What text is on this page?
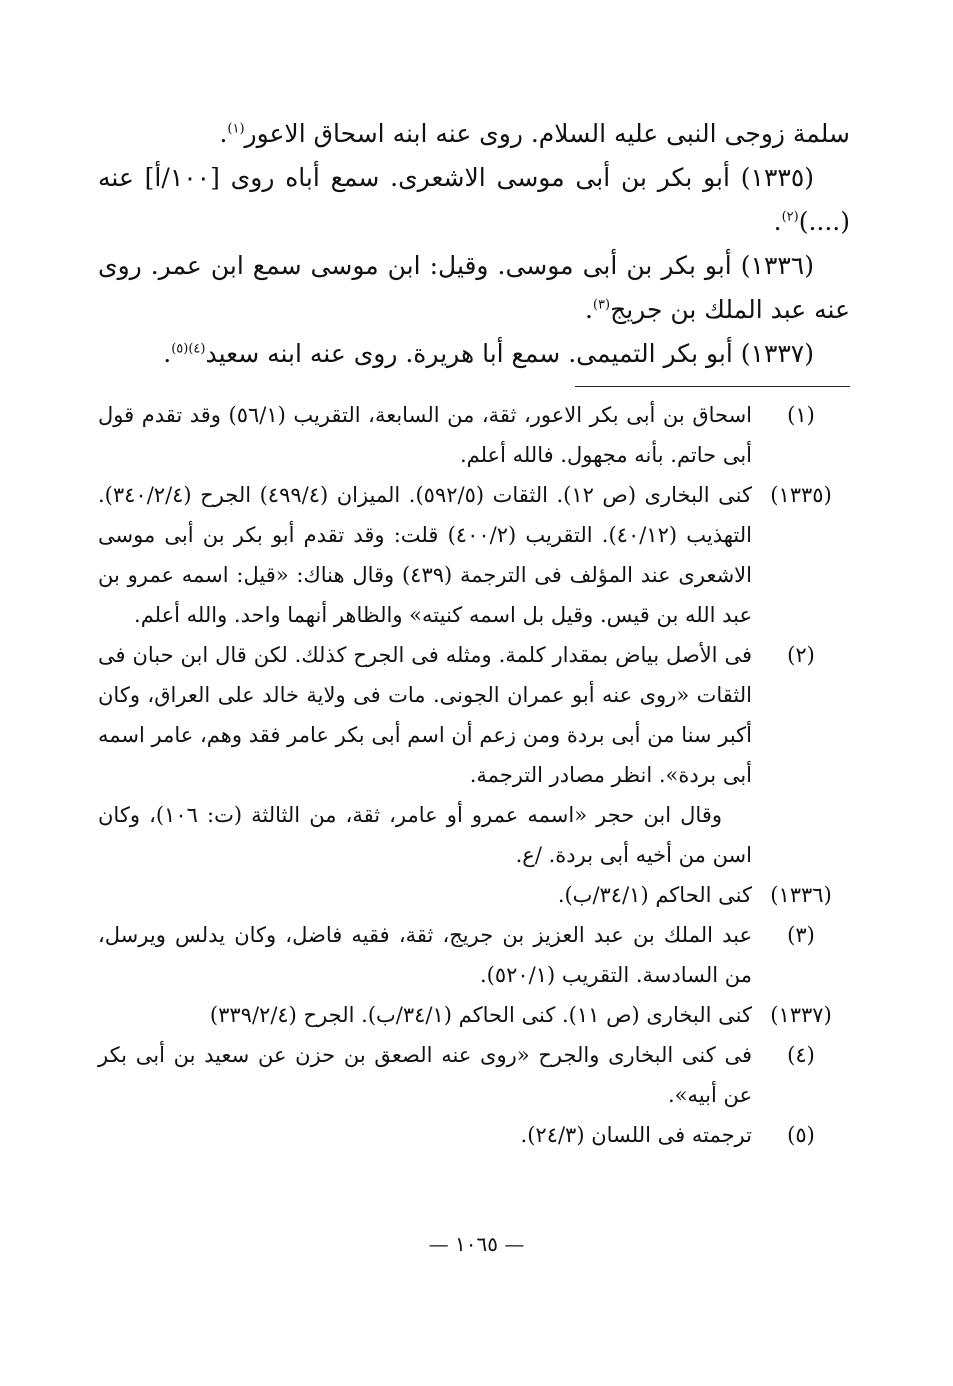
سلمة زوجى النبى عليه السلام. روى عنه ابنه اسحاق الاعور$^{(١)}$.

(١٣٣٥) أبو بكر بن أبى موسى الاشعرى. سمع أباه روى [١٠٠/أ] عنه (....)$^{(٢)}$.

(١٣٣٦) أبو بكر بن أبى موسى. وقيل: ابن موسى سمع ابن عمر. روى عنه عبد الملك بن جريج$^{(٣)}$.

(١٣٣٧) أبو بكر التميمى. سمع أبا هريرة. روى عنه ابنه سعيد$^{(٤)(٥)}$.

(١)
اسحاق بن أبى بكر الاعور، ثقة، من السابعة، التقريب (٥٦/١) وقد تقدم قول أبى حاتم. بأنه مجهول. فالله أعلم.
(١٣٣٥)
كنى البخارى (ص ١٢). الثقات (٥٩٢/٥). الميزان (٤٩٩/٤) الجرح (٣٤٠/٢/٤). التهذيب (٤٠/١٢). التقريب (٤٠٠/٢) قلت: وقد تقدم أبو بكر بن أبى موسى الاشعرى عند المؤلف فى الترجمة (٤٣٩) وقال هناك: «قيل: اسمه عمرو بن عبد الله بن قيس. وقيل بل اسمه كنيته» والظاهر أنهما واحد. والله أعلم.
(٢)
فى الأصل بياض بمقدار كلمة. ومثله فى الجرح كذلك. لكن قال ابن حبان فى الثقات «روى عنه أبو عمران الجونى. مات فى ولاية خالد على العراق، وكان أكبر سنا من أبى بردة ومن زعم أن اسم أبى بكر عامر فقد وهم، عامر اسمه أبى بردة». انظر مصادر الترجمة.
وقال ابن حجر «اسمه عمرو أو عامر، ثقة، من الثالثة (ت: ١٠٦)، وكان اسن من أخيه أبى بردة. /ع.
(١٣٣٦)
كنى الحاكم (٣٤/١/ب).
(٣)
عبد الملك بن عبد العزيز بن جريج، ثقة، فقيه فاضل، وكان يدلس ويرسل، من السادسة. التقريب (٥٢٠/١).
(١٣٣٧)
كنى البخارى (ص ١١). كنى الحاكم (٣٤/١/ب). الجرح (٣٣٩/٢/٤)
(٤)
فى كنى البخارى والجرح «روى عنه الصعق بن حزن عن سعيد بن أبى بكر عن أبيه».
(٥)
ترجمته فى اللسان (٢٤/٣).
— ١٠٦٥ —
